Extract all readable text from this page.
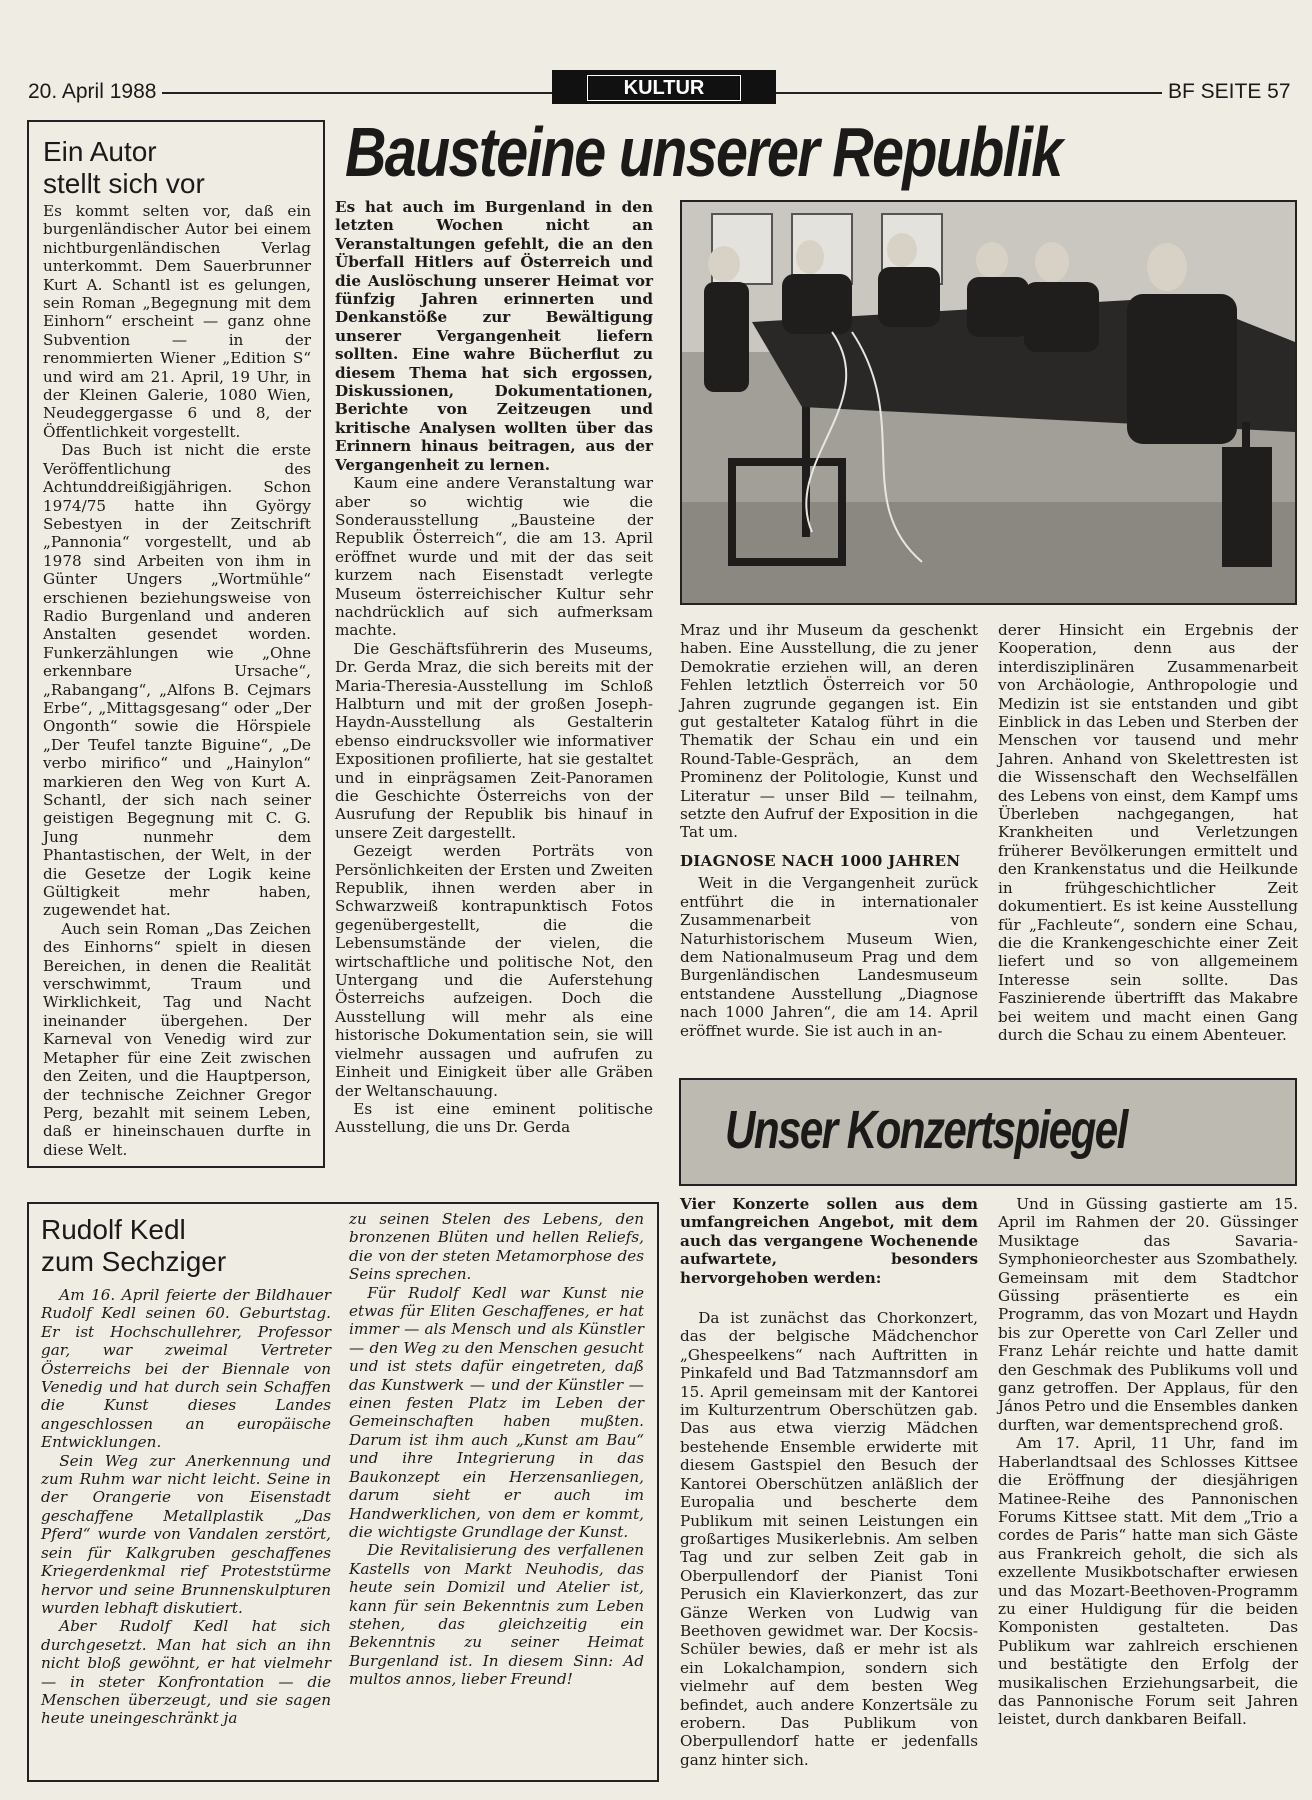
20. April 1988	KULTUR	BF SEITE 57
Ein Autor
stellt sich vor

Es kommt selten vor, daß ein burgenländischer Autor bei einem nichtburgenländischen Verlag unterkommt. Dem Sauerbrunner Kurt A. Schantl ist es gelungen, sein Roman „Begegnung mit dem Einhorn“ erscheint — ganz ohne Subvention — in der renommierten Wiener „Edition S“ und wird am 21. April, 19 Uhr, in der Kleinen Galerie, 1080 Wien, Neudeggergasse 6 und 8, der Öffentlichkeit vorgestellt.

Das Buch ist nicht die erste Veröffentlichung des Achtunddreißigjährigen. Schon 1974/75 hatte ihn György Sebestyen in der Zeitschrift „Pannonia“ vorgestellt, und ab 1978 sind Arbeiten von ihm in Günter Ungers „Wortmühle“ erschienen beziehungsweise von Radio Burgenland und anderen Anstalten gesendet worden. Funkerzählungen wie „Ohne erkennbare Ursache“, „Rabangang“, „Alfons B. Cejmars Erbe“, „Mittagsgesang“ oder „Der Ongonth“ sowie die Hörspiele „Der Teufel tanzte Biguine“, „De verbo mirifico“ und „Hainylon“ markieren den Weg von Kurt A. Schantl, der sich nach seiner geistigen Begegnung mit C. G. Jung nunmehr dem Phantastischen, der Welt, in der die Gesetze der Logik keine Gültigkeit mehr haben, zugewendet hat.

Auch sein Roman „Das Zeichen des Einhorns“ spielt in diesen Bereichen, in denen die Realität verschwimmt, Traum und Wirklichkeit, Tag und Nacht ineinander übergehen. Der Karneval von Venedig wird zur Metapher für eine Zeit zwischen den Zeiten, und die Hauptperson, der technische Zeichner Gregor Perg, bezahlt mit seinem Leben, daß er hineinschauen durfte in diese Welt.

Bausteine unserer Republik

Es hat auch im Burgenland in den letzten Wochen nicht an Veranstaltungen gefehlt, die an den Überfall Hitlers auf Österreich und die Auslöschung unserer Heimat vor fünfzig Jahren erinnerten und Denkanstöße zur Bewältigung unserer Vergangenheit liefern sollten. Eine wahre Bücherflut zu diesem Thema hat sich ergossen, Diskussionen, Dokumentationen, Berichte von Zeitzeugen und kritische Analysen wollten über das Erinnern hinaus beitragen, aus der Vergangenheit zu lernen.

Kaum eine andere Veranstaltung war aber so wichtig wie die Sonderausstellung „Bausteine der Republik Österreich“, die am 13. April eröffnet wurde und mit der das seit kurzem nach Eisenstadt verlegte Museum österreichischer Kultur sehr nachdrücklich auf sich aufmerksam machte.

Die Geschäftsführerin des Museums, Dr. Gerda Mraz, die sich bereits mit der Maria-Theresia-Ausstellung im Schloß Halbturn und mit der großen Joseph-Haydn-Ausstellung als Gestalterin ebenso eindrucksvoller wie informativer Expositionen profilierte, hat sie gestaltet und in einprägsamen Zeit-Panoramen die Geschichte Österreichs von der Ausrufung der Republik bis hinauf in unsere Zeit dargestellt.

Gezeigt werden Porträts von Persönlichkeiten der Ersten und Zweiten Republik, ihnen werden aber in Schwarzweiß kontrapunktisch Fotos gegenübergestellt, die die Lebensumstände der vielen, die wirtschaftliche und politische Not, den Untergang und die Auferstehung Österreichs aufzeigen. Doch die Ausstellung will mehr als eine historische Dokumentation sein, sie will vielmehr aussagen und aufrufen zu Einheit und Einigkeit über alle Gräben der Weltanschauung.

Es ist eine eminent politische Ausstellung, die uns Dr. Gerda

Mraz und ihr Museum da geschenkt haben. Eine Ausstellung, die zu jener Demokratie erziehen will, an deren Fehlen letztlich Österreich vor 50 Jahren zugrunde gegangen ist. Ein gut gestalteter Katalog führt in die Thematik der Schau ein und ein Round-Table-Gespräch, an dem Prominenz der Politologie, Kunst und Literatur — unser Bild — teilnahm, setzte den Aufruf der Exposition in die Tat um.

DIAGNOSE NACH 1000 JAHREN

Weit in die Vergangenheit zurück entführt die in internationaler Zusammenarbeit von Naturhistorischem Museum Wien, dem Nationalmuseum Prag und dem Burgenländischen Landesmuseum entstandene Ausstellung „Diagnose nach 1000 Jahren“, die am 14. April eröffnet wurde. Sie ist auch in an-

derer Hinsicht ein Ergebnis der Kooperation, denn aus der interdisziplinären Zusammenarbeit von Archäologie, Anthropologie und Medizin ist sie entstanden und gibt Einblick in das Leben und Sterben der Menschen vor tausend und mehr Jahren. Anhand von Skelettresten ist die Wissenschaft den Wechselfällen des Lebens von einst, dem Kampf ums Überleben nachgegangen, hat Krankheiten und Verletzungen früherer Bevölkerungen ermittelt und den Krankenstatus und die Heilkunde in frühgeschichtlicher Zeit dokumentiert. Es ist keine Ausstellung für „Fachleute“, sondern eine Schau, die die Krankengeschichte einer Zeit liefert und so von allgemeinem Interesse sein sollte. Das Faszinierende übertrifft das Makabre bei weitem und macht einen Gang durch die Schau zu einem Abenteuer.

Unser Konzertspiegel
Rudolf Kedl
zum Sechziger

Am 16. April feierte der Bildhauer Rudolf Kedl seinen 60. Geburtstag. Er ist Hochschullehrer, Professor gar, war zweimal Vertreter Österreichs bei der Biennale von Venedig und hat durch sein Schaffen die Kunst dieses Landes angeschlossen an europäische Entwicklungen.

Sein Weg zur Anerkennung und zum Ruhm war nicht leicht. Seine in der Orangerie von Eisenstadt geschaffene Metallplastik „Das Pferd“ wurde von Vandalen zerstört, sein für Kalkgruben geschaffenes Kriegerdenkmal rief Proteststürme hervor und seine Brunnenskulpturen wurden lebhaft diskutiert.

Aber Rudolf Kedl hat sich durchgesetzt. Man hat sich an ihn nicht bloß gewöhnt, er hat vielmehr — in steter Konfrontation — die Menschen überzeugt, und sie sagen heute uneingeschränkt ja

zu seinen Stelen des Lebens, den bronzenen Blüten und hellen Reliefs, die von der steten Metamorphose des Seins sprechen.

Für Rudolf Kedl war Kunst nie etwas für Eliten Geschaffenes, er hat immer — als Mensch und als Künstler — den Weg zu den Menschen gesucht und ist stets dafür eingetreten, daß das Kunstwerk — und der Künstler — einen festen Platz im Leben der Gemeinschaften haben mußten. Darum ist ihm auch „Kunst am Bau“ und ihre Integrierung in das Baukonzept ein Herzensanliegen, darum sieht er auch im Handwerklichen, von dem er kommt, die wichtigste Grundlage der Kunst.

Die Revitalisierung des verfallenen Kastells von Markt Neuhodis, das heute sein Domizil und Atelier ist, kann für sein Bekenntnis zum Leben stehen, das gleichzeitig ein Bekenntnis zu seiner Heimat Burgenland ist. In diesem Sinn: Ad multos annos, lieber Freund!

Vier Konzerte sollen aus dem umfangreichen Angebot, mit dem auch das vergangene Wochenende aufwartete, besonders hervorgehoben werden:

Da ist zunächst das Chorkonzert, das der belgische Mädchenchor „Ghespeelkens“ nach Auftritten in Pinkafeld und Bad Tatzmannsdorf am 15. April gemeinsam mit der Kantorei im Kulturzentrum Oberschützen gab. Das aus etwa vierzig Mädchen bestehende Ensemble erwiderte mit diesem Gastspiel den Besuch der Kantorei Oberschützen anläßlich der Europalia und bescherte dem Publikum mit seinen Leistungen ein großartiges Musikerlebnis. Am selben Tag und zur selben Zeit gab in Oberpullendorf der Pianist Toni Perusich ein Klavierkonzert, das zur Gänze Werken von Ludwig van Beethoven gewidmet war. Der Kocsis-Schüler bewies, daß er mehr ist als ein Lokalchampion, sondern sich vielmehr auf dem besten Weg befindet, auch andere Konzertsäle zu erobern. Das Publikum von Oberpullendorf hatte er jedenfalls ganz hinter sich.

Und in Güssing gastierte am 15. April im Rahmen der 20. Güssinger Musiktage das Savaria-Symphonieorchester aus Szombathely. Gemeinsam mit dem Stadtchor Güssing präsentierte es ein Programm, das von Mozart und Haydn bis zur Operette von Carl Zeller und Franz Lehár reichte und hatte damit den Geschmak des Publikums voll und ganz getroffen. Der Applaus, für den János Petro und die Ensembles danken durften, war dementsprechend groß.

Am 17. April, 11 Uhr, fand im Haberlandtsaal des Schlosses Kittsee die Eröffnung der diesjährigen Matinee-Reihe des Pannonischen Forums Kittsee statt. Mit dem „Trio a cordes de Paris“ hatte man sich Gäste aus Frankreich geholt, die sich als exzellente Musikbotschafter erwiesen und das Mozart-Beethoven-Programm zu einer Huldigung für die beiden Komponisten gestalteten. Das Publikum war zahlreich erschienen und bestätigte den Erfolg der musikalischen Erziehungsarbeit, die das Pannonische Forum seit Jahren leistet, durch dankbaren Beifall.
